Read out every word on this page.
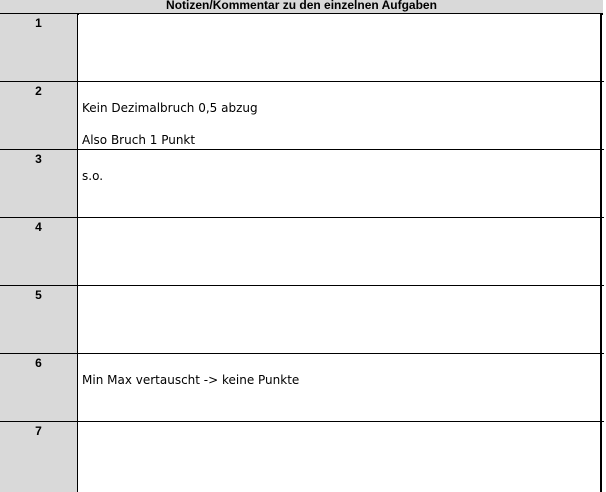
Notizen/Kommentar zu den einzelnen Aufgaben
1
2

Kein Dezimalbruch 0,5 abzug

Also Bruch 1 Punkt

3

s.o.

4
5
6

Min Max vertauscht -> keine Punkte

7
